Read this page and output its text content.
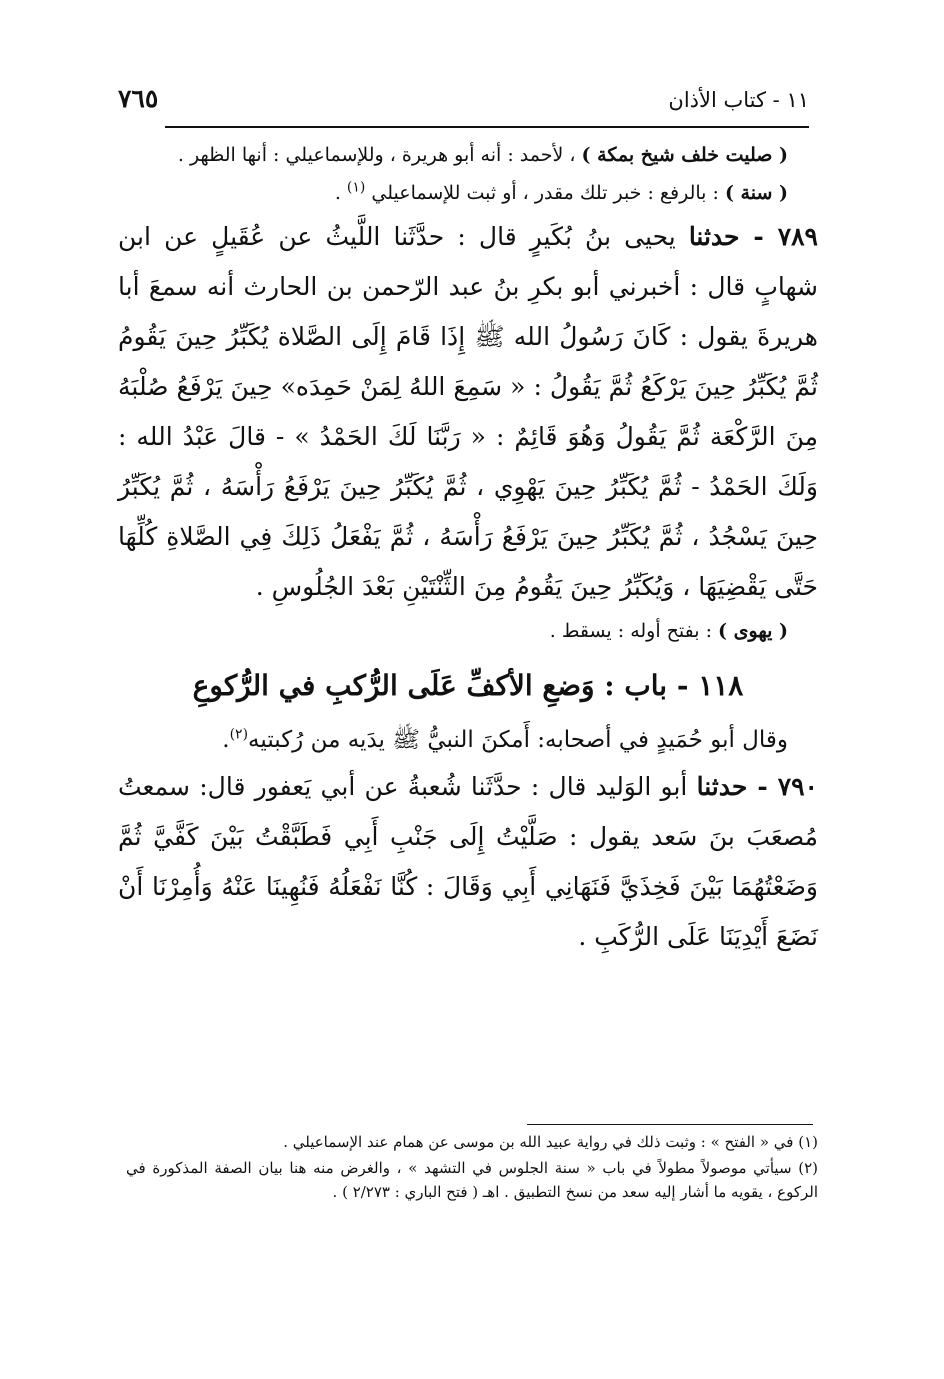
٧٦٥	١١ - كتاب الأذان

( صليت خلف شيخ بمكة ) ، لأحمد : أنه أبو هريرة ، وللإسماعيلي : أنها الظهر .

( سنة ) : بالرفع : خبر تلك مقدر ، أو ثبت للإسماعيلي $^{(١)}$ .

٧٨٩ - حدثنا يحيى بنُ بُكَيرٍ قال : حدَّثَنا اللَّيثُ عن عُقَيلٍ عن ابن شهابٍ قال : أخبرني أبو بكرِ بنُ عبد الرّحمن بن الحارث أنه سمعَ أبا هريرةَ يقول : كَانَ رَسُولُ الله ﷺ إِذَا قَامَ إِلَى الصَّلاة يُكَبِّرُ حِينَ يَقُومُ ثُمَّ يُكَبِّرُ حِينَ يَرْكَعُ ثُمَّ يَقُولُ : « سَمِعَ اللهُ لِمَنْ حَمِدَه» حِينَ يَرْفَعُ صُلْبَهُ مِنَ الرَّكْعَة ثُمَّ يَقُولُ وَهُوَ قَائِمٌ : « رَبَّنَا لَكَ الحَمْدُ » - قالَ عَبْدُ الله : وَلَكَ الحَمْدُ - ثُمَّ يُكَبِّرُ حِينَ يَهْوِي ، ثُمَّ يُكَبِّرُ حِينَ يَرْفَعُ رَأْسَهُ ، ثُمَّ يُكَبِّرُ حِينَ يَسْجُدُ ، ثُمَّ يُكَبِّرُ حِينَ يَرْفَعُ رَأْسَهُ ، ثُمَّ يَفْعَلُ ذَلِكَ فِي الصَّلاةِ كُلِّهَا حَتَّى يَقْضِيَهَا ، وَيُكَبِّرُ حِينَ يَقُومُ مِنَ الثِّنْتَيْنِ بَعْدَ الجُلُوسِ .

( يهوى ) : بفتح أوله : يسقط .

١١٨ - باب : وَضعِ الأكفِّ عَلَى الرُّكبِ في الرُّكوعِ

وقال أبو حُمَيدٍ في أصحابه: أَمكنَ النبيُّ ﷺ يدَيه من رُكبتيه$^{(٢)}$.

٧٩٠ - حدثنا أبو الوَليد قال : حدَّثَنا شُعبةُ عن أبي يَعفور قال: سمعتُ مُصعَبَ بنَ سَعد يقول : صَلَّيْتُ إِلَى جَنْبِ أَبِي فَطَبَّقْتُ بَيْنَ كَفَّيَّ ثُمَّ وَضَعْتُهُمَا بَيْنَ فَخِذَيَّ فَنَهَانِي أَبِي وَقَالَ : كُنَّا نَفْعَلُهُ فَنُهِينَا عَنْهُ وَأُمِرْنَا أَنْ نَضَعَ أَيْدِيَنَا عَلَى الرُّكَبِ .

(١) في « الفتح » : وثبت ذلك في رواية عبيد الله بن موسى عن همام عند الإسماعيلي .

(٢) سيأتي موصولاً مطولاً في باب « سنة الجلوس في التشهد » ، والغرض منه هنا بيان الصفة المذكورة في الركوع ، يقويه ما أشار إليه سعد من نسخ التطبيق . اهـ ( فتح الباري : ٢/٢٧٣ ) .
